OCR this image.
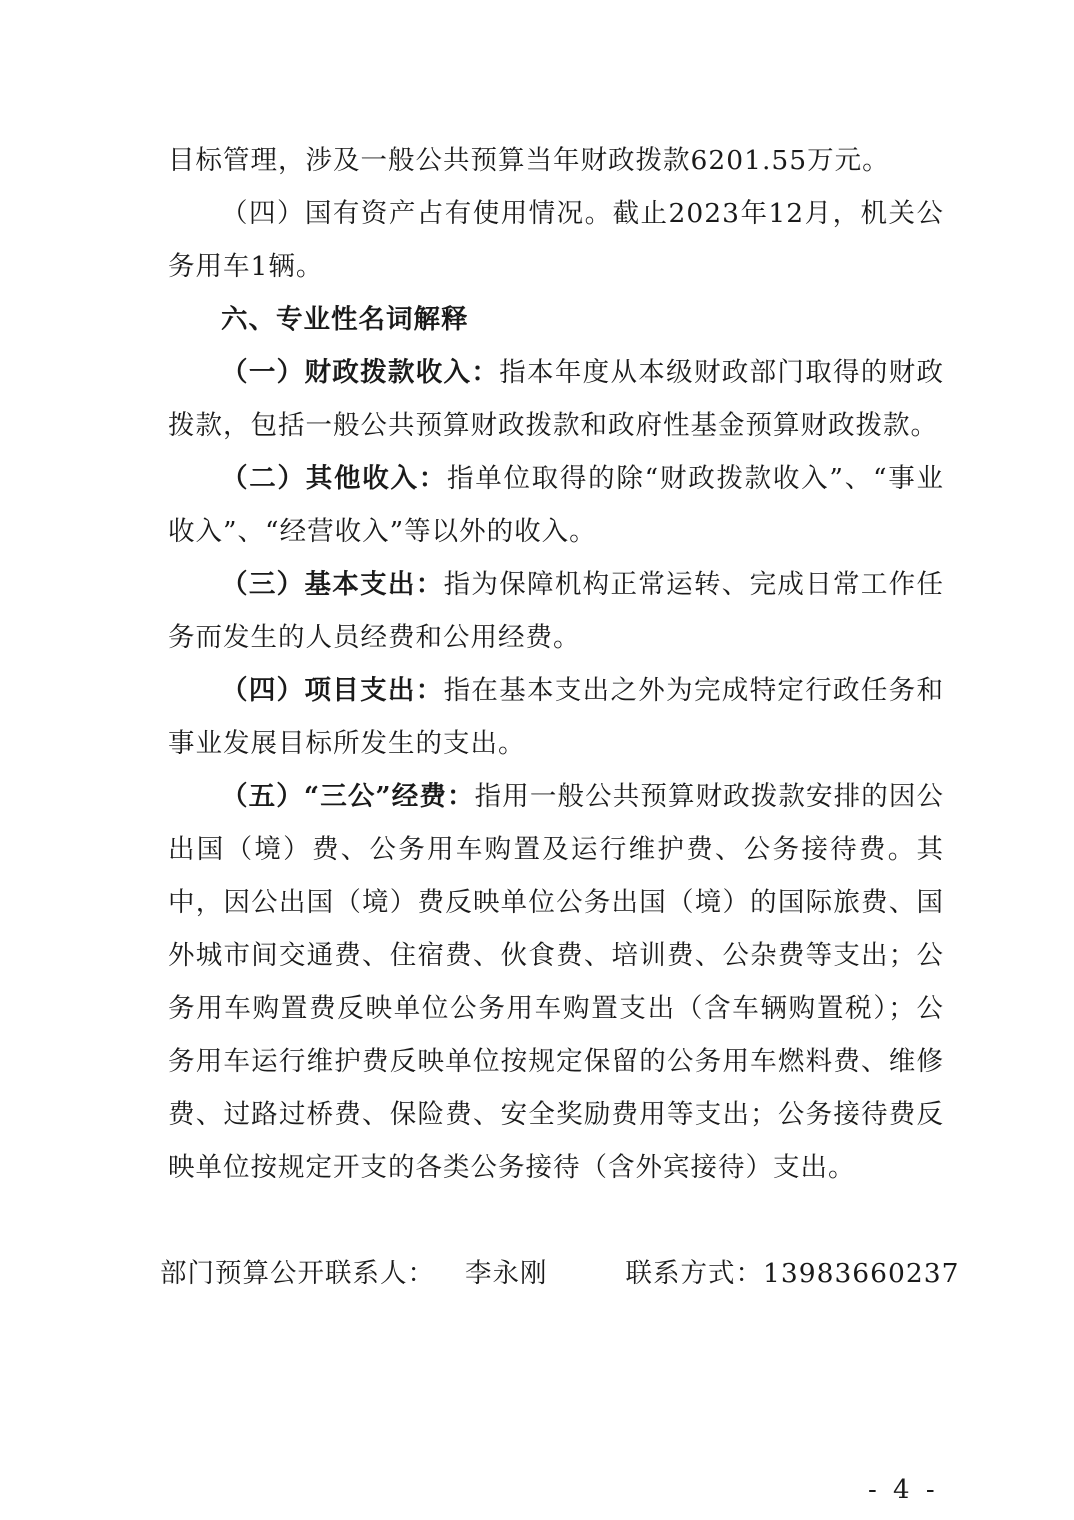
目标管理，涉及一般公共预算当年财政拨款6201.55万元。

（四）国有资产占有使用情况。截止2023年12月，机关公务用车1辆。

六、专业性名词解释

（一）财政拨款收入：指本年度从本级财政部门取得的财政拨款，包括一般公共预算财政拨款和政府性基金预算财政拨款。

（二）其他收入：指单位取得的除“财政拨款收入”、“事业收入”、“经营收入”等以外的收入。

（三）基本支出：指为保障机构正常运转、完成日常工作任务而发生的人员经费和公用经费。

（四）项目支出：指在基本支出之外为完成特定行政任务和事业发展目标所发生的支出。

（五）“三公”经费：指用一般公共预算财政拨款安排的因公出国（境）费、公务用车购置及运行维护费、公务接待费。其中，因公出国（境）费反映单位公务出国（境）的国际旅费、国外城市间交通费、住宿费、伙食费、培训费、公杂费等支出；公务用车购置费反映单位公务用车购置支出（含车辆购置税）；公务用车运行维护费反映单位按规定保留的公务用车燃料费、维修费、过路过桥费、保险费、安全奖励费用等支出；公务接待费反映单位按规定开支的各类公务接待（含外宾接待）支出。

部门预算公开联系人： 李永刚	联系方式：13983660237
- 4 -
